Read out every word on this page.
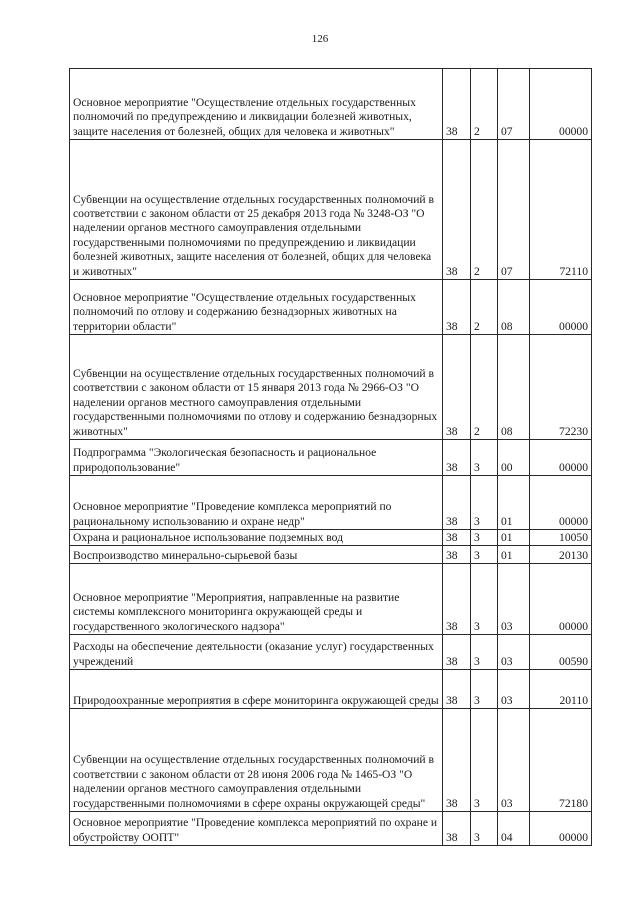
126
Основное мероприятие "Осуществление отдельных государственных полномочий по предупреждению и ликвидации болезней животных, защите населения от болезней, общих для человека и животных"	38	2	07	00000

Субвенции на осуществление отдельных государственных полномочий в соответствии с законом области от 25 декабря 2013 года № 3248-ОЗ "О наделении органов местного самоуправления отдельными государственными полномочиями по предупреждению и ликвидации болезней животных, защите населения от болезней, общих для человека и животных"	38	2	07	72110

Основное мероприятие "Осуществление отдельных государственных полномочий по отлову и содержанию безнадзорных животных на территории области"	38	2	08	00000

Субвенции на осуществление отдельных государственных полномочий в соответствии с законом области от 15 января 2013 года № 2966-ОЗ "О наделении органов местного самоуправления отдельными государственными полномочиями по отлову и содержанию безнадзорных животных"	38	2	08	72230

Подпрограмма "Экологическая безопасность и рациональное природопользование"	38	3	00	00000

Основное мероприятие "Проведение комплекса мероприятий по рациональному использованию и охране недр"	38	3	01	00000

Охрана и рациональное использование подземных вод	38	3	01	10050

Воспроизводство минерально-сырьевой базы	38	3	01	20130

Основное мероприятие "Мероприятия, направленные на развитие системы комплексного мониторинга окружающей среды и государственного экологического надзора"	38	3	03	00000

Расходы на обеспечение деятельности (оказание услуг) государственных учреждений	38	3	03	00590

Природоохранные мероприятия в сфере мониторинга окружающей среды	38	3	03	20110

Субвенции на осуществление отдельных государственных полномочий в соответствии с законом области от 28 июня 2006 года № 1465-ОЗ "О наделении органов местного самоуправления отдельными государственными полномочиями в сфере охраны окружающей среды"	38	3	03	72180

Основное мероприятие "Проведение комплекса мероприятий по охране и обустройству ООПТ"	38	3	04	00000
